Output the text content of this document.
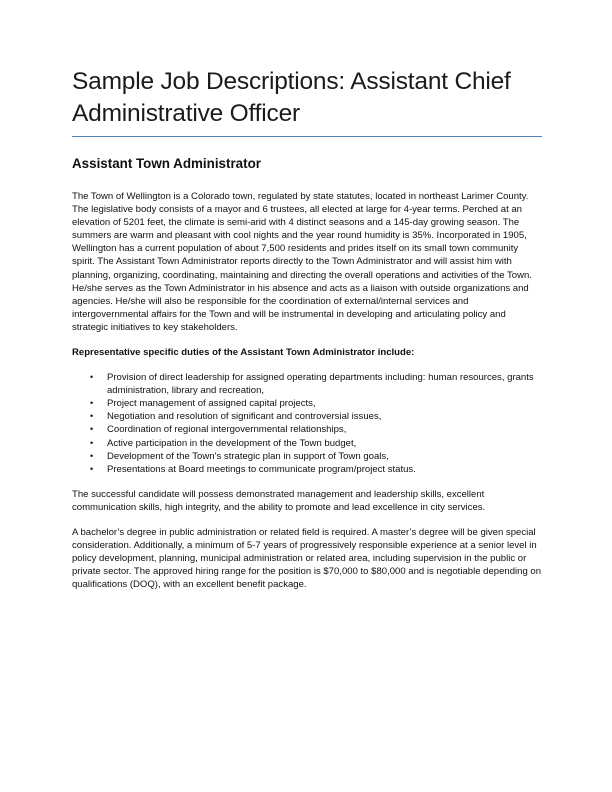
Sample Job Descriptions: Assistant Chief Administrative Officer
Assistant Town Administrator

The Town of Wellington is a Colorado town, regulated by state statutes, located in northeast Larimer County. The legislative body consists of a mayor and 6 trustees, all elected at large for 4-year terms. Perched at an elevation of 5201 feet, the climate is semi-arid with 4 distinct seasons and a 145-day growing season. The summers are warm and pleasant with cool nights and the year round humidity is 35%. Incorporated in 1905, Wellington has a current population of about 7,500 residents and prides itself on its small town community spirit. The Assistant Town Administrator reports directly to the Town Administrator and will assist him with planning, organizing, coordinating, maintaining and directing the overall operations and activities of the Town. He/she serves as the Town Administrator in his absence and acts as a liaison with outside organizations and agencies. He/she will also be responsible for the coordination of external/internal services and intergovernmental affairs for the Town and will be instrumental in developing and articulating policy and strategic initiatives to key stakeholders.

Representative specific duties of the Assistant Town Administrator include:

• Provision of direct leadership for assigned operating departments including: human resources, grants administration, library and recreation,
• Project management of assigned capital projects,
• Negotiation and resolution of significant and controversial issues,
• Coordination of regional intergovernmental relationships,
• Active participation in the development of the Town budget,
• Development of the Town’s strategic plan in support of Town goals,
• Presentations at Board meetings to communicate program/project status.

The successful candidate will possess demonstrated management and leadership skills, excellent communication skills, high integrity, and the ability to promote and lead excellence in city services.

A bachelor’s degree in public administration or related field is required. A master’s degree will be given special consideration. Additionally, a minimum of 5-7 years of progressively responsible experience at a senior level in policy development, planning, municipal administration or related area, including supervision in the public or private sector. The approved hiring range for the position is $70,000 to $80,000 and is negotiable depending on qualifications (DOQ), with an excellent benefit package.
